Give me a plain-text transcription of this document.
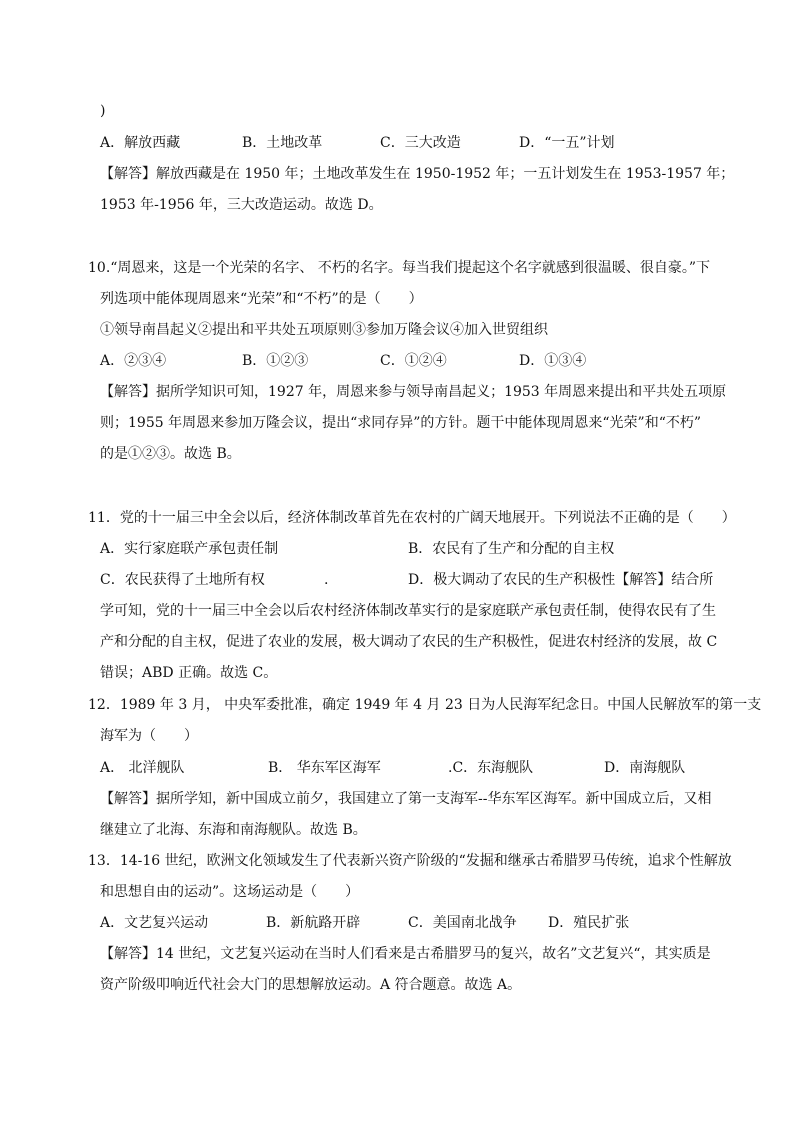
)
A．解放西藏	B．土地改革	C．三大改造	D．“一五”计划
【解答】解放西藏是在 1950 年；土地改革发生在 1950-1952 年；一五计划发生在 1953-1957 年；
1953 年-1956 年，三大改造运动。故选 D。
10.“周恩来，这是一个光荣的名字、 不朽的名字。每当我们提起这个名字就感到很温暖、很自豪。”下
列选项中能体现周恩来“光荣”和“不朽”的是（　　）
①领导南昌起义②提出和平共处五项原则③参加万隆会议④加入世贸组织
A．②③④	B．①②③	C．①②④	D．①③④
【解答】据所学知识可知，1927 年，周恩来参与领导南昌起义；1953 年周恩来提出和平共处五项原
则；1955 年周恩来参加万隆会议，提出“求同存异”的方针。题干中能体现周恩来“光荣”和“不朽”
的是①②③。故选 B。
11．党的十一届三中全会以后，经济体制改革首先在农村的广阔天地展开。下列说法不正确的是（　　）
A．实行家庭联产承包责任制	B．农民有了生产和分配的自主权
C．农民获得了土地所有权	.	D．极大调动了农民的生产积极性【解答】结合所
学可知，党的十一届三中全会以后农村经济体制改革实行的是家庭联产承包责任制，使得农民有了生
产和分配的自主权，促进了农业的发展，极大调动了农民的生产积极性，促进农村经济的发展，故 C
错误；ABD 正确。故选 C。
12．1989 年 3 月， 中央军委批准，确定 1949 年 4 月 23 日为人民海军纪念日。中国人民解放军的第一支
海军为（　　）
A． 北洋舰队	B． 华东军区海军	.C．东海舰队	D．南海舰队
【解答】据所学知，新中国成立前夕，我国建立了第一支海军--华东军区海军。新中国成立后，又相
继建立了北海、东海和南海舰队。故选 B。
13．14-16 世纪，欧洲文化领域发生了代表新兴资产阶级的“发掘和继承古希腊罗马传统，追求个性解放
和思想自由的运动”。这场运动是（　　）
A．文艺复兴运动	B．新航路开辟	C．美国南北战争 D．殖民扩张
【解答】14 世纪，文艺复兴运动在当时人们看来是古希腊罗马的复兴，故名”文艺复兴“，其实质是
资产阶级叩响近代社会大门的思想解放运动。A 符合题意。故选 A。
